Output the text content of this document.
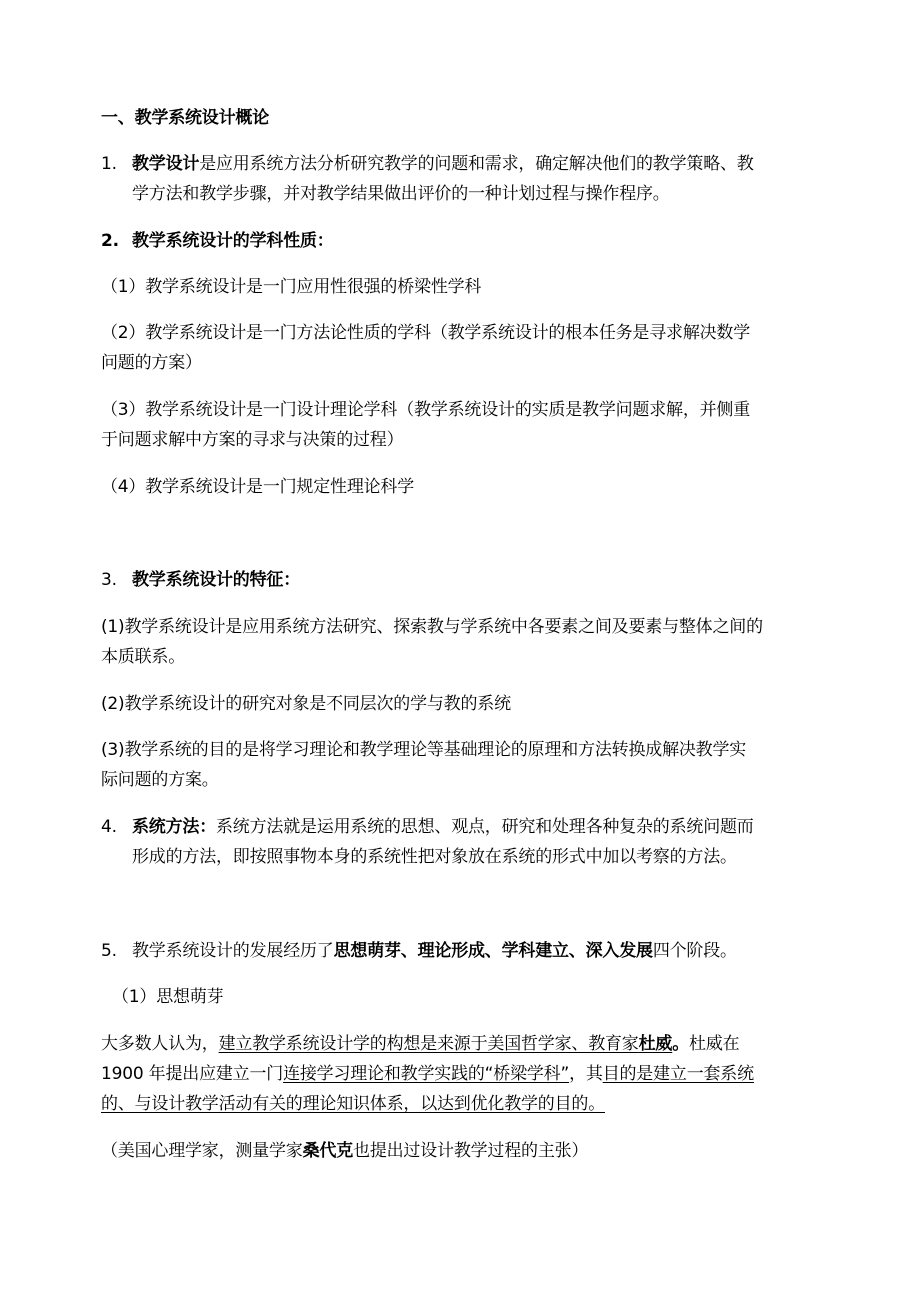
一、教学系统设计概论
1. 教学设计是应用系统方法分析研究教学的问题和需求，确定解决他们的教学策略、教
学方法和教学步骤，并对教学结果做出评价的一种计划过程与操作程序。
2. 教学系统设计的学科性质：
（1）教学系统设计是一门应用性很强的桥梁性学科
（2）教学系统设计是一门方法论性质的学科（教学系统设计的根本任务是寻求解决数学
问题的方案）
（3）教学系统设计是一门设计理论学科（教学系统设计的实质是教学问题求解，并侧重
于问题求解中方案的寻求与决策的过程）
（4）教学系统设计是一门规定性理论科学
3. 教学系统设计的特征：
(1)教学系统设计是应用系统方法研究、探索教与学系统中各要素之间及要素与整体之间的
本质联系。
(2)教学系统设计的研究对象是不同层次的学与教的系统
(3)教学系统的目的是将学习理论和教学理论等基础理论的原理和方法转换成解决教学实
际问题的方案。
4. 系统方法：系统方法就是运用系统的思想、观点，研究和处理各种复杂的系统问题而
形成的方法，即按照事物本身的系统性把对象放在系统的形式中加以考察的方法。
5. 教学系统设计的发展经历了思想萌芽、理论形成、学科建立、深入发展四个阶段。
（1）思想萌芽
大多数人认为，建立教学系统设计学的构想是来源于美国哲学家、教育家杜威。杜威在
1900 年提出应建立一门连接学习理论和教学实践的“桥梁学科”，其目的是建立一套系统
的、与设计教学活动有关的理论知识体系，以达到优化教学的目的。
（美国心理学家，测量学家桑代克也提出过设计教学过程的主张）
